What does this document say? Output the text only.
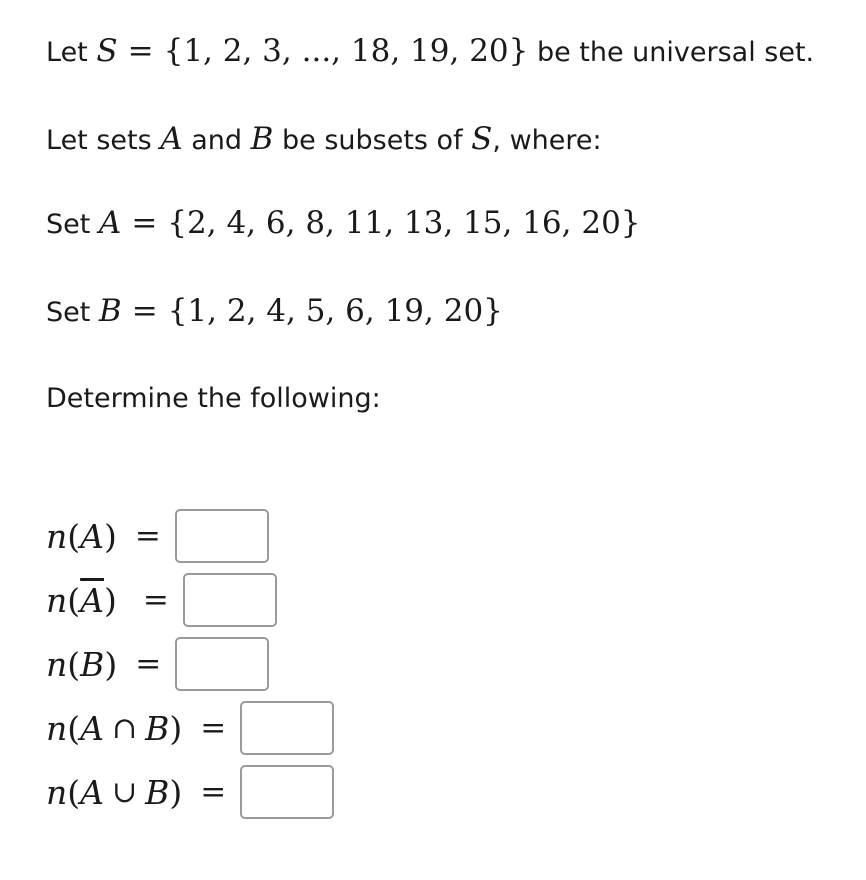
Let S = {1, 2, 3, ..., 18, 19, 20} be the universal set.
Let sets A and B be subsets of S, where:
Set A = {2, 4, 6, 8, 11, 13, 15, 16, 20}
Set B = {1, 2, 4, 5, 6, 19, 20}
Determine the following:
n ( A ) =
n ( $\overline{A}$ ) =
n ( B ) =
n ( A ∩ B ) =
n ( A ∪ B ) =
